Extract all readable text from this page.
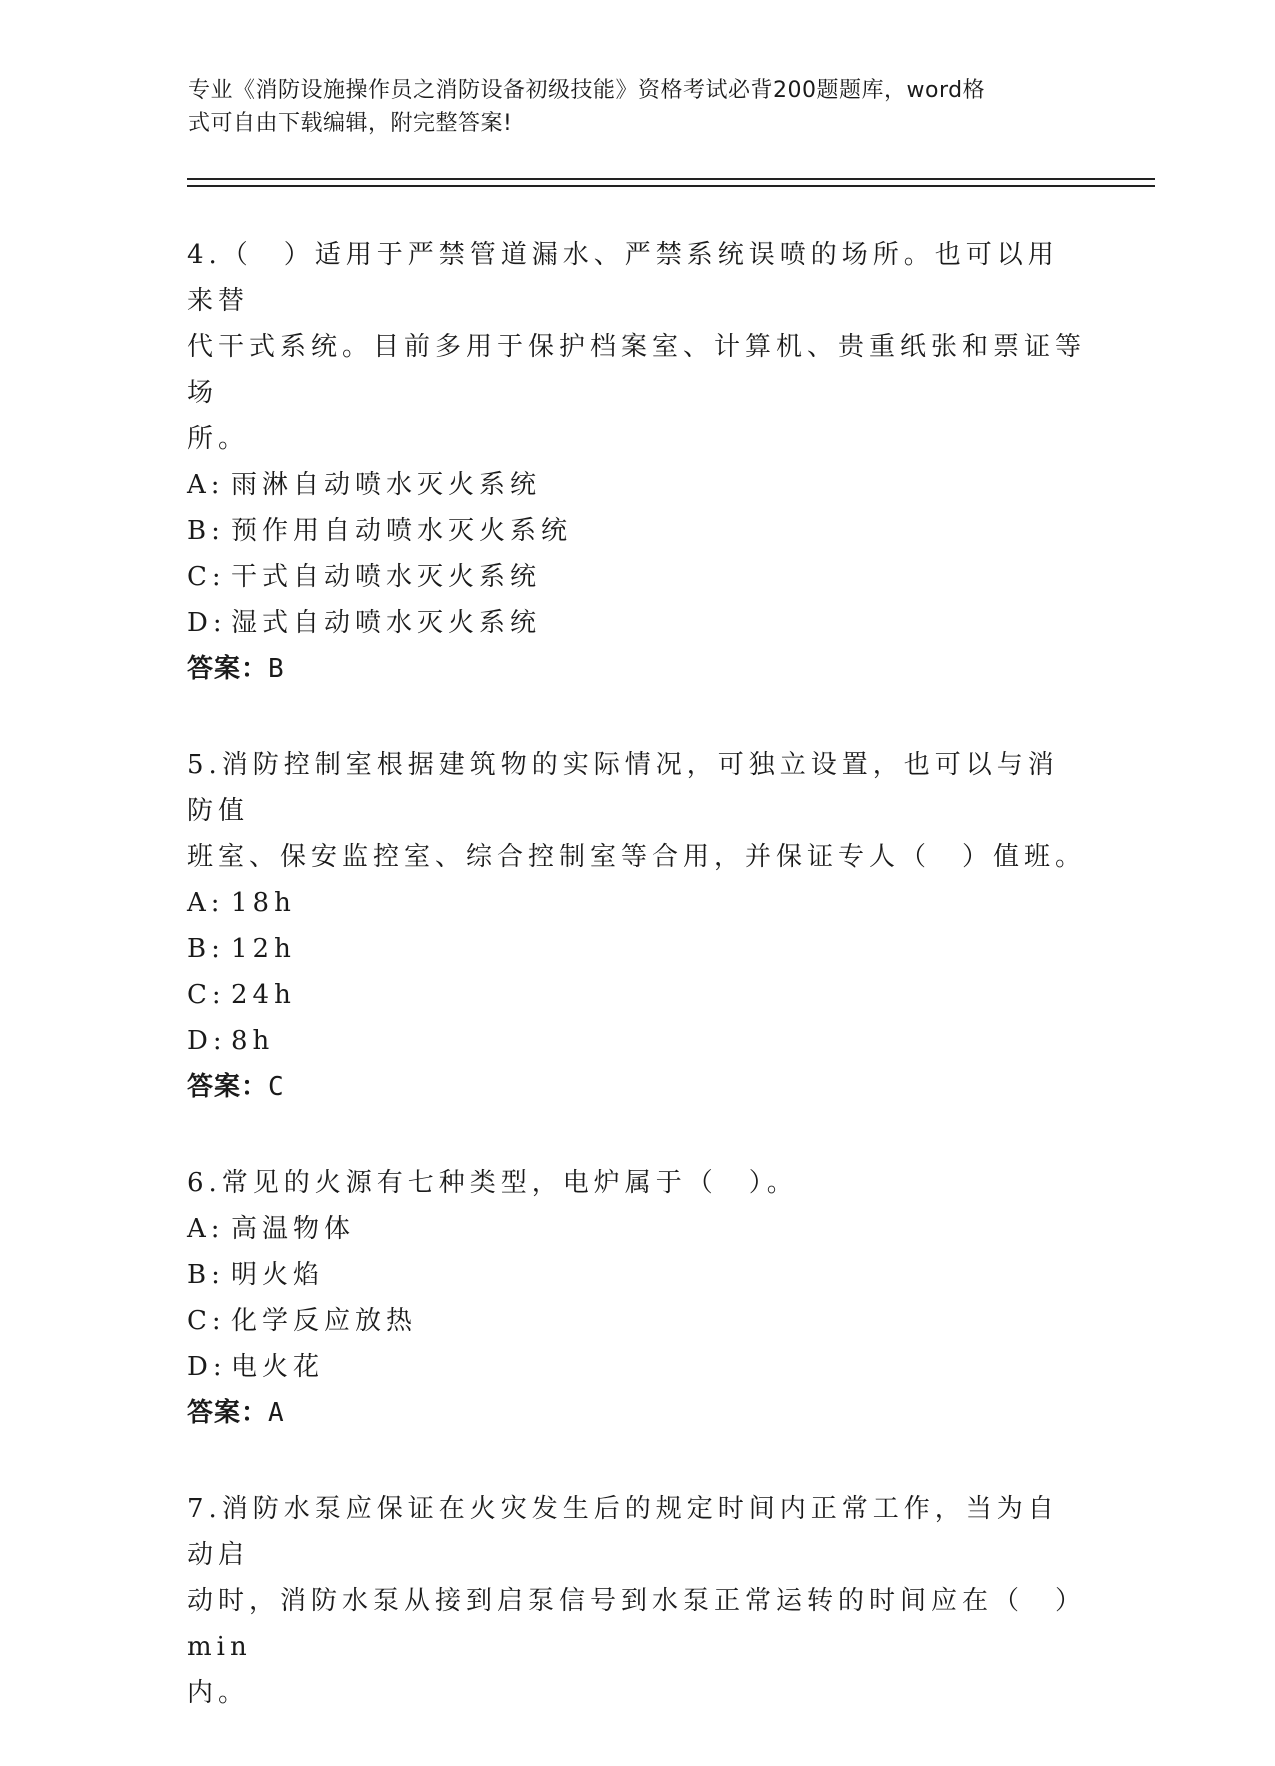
专业《消防设施操作员之消防设备初级技能》资格考试必背200题题库，word格
式可自由下载编辑，附完整答案!
4.（　）适用于严禁管道漏水、严禁系统误喷的场所。也可以用来替
代干式系统。目前多用于保护档案室、计算机、贵重纸张和票证等场
所。
A: 雨淋自动喷水灭火系统
B: 预作用自动喷水灭火系统
C: 干式自动喷水灭火系统
D: 湿式自动喷水灭火系统
答案：B
5.消防控制室根据建筑物的实际情况，可独立设置，也可以与消防值
班室、保安监控室、综合控制室等合用，并保证专人（　）值班。
A: 18h
B: 12h
C: 24h
D: 8h
答案：C
6.常见的火源有七种类型，电炉属于（　）。
A: 高温物体
B: 明火焰
C: 化学反应放热
D: 电火花
答案：A
7.消防水泵应保证在火灾发生后的规定时间内正常工作，当为自动启
动时，消防水泵从接到启泵信号到水泵正常运转的时间应在（　）min
内。
